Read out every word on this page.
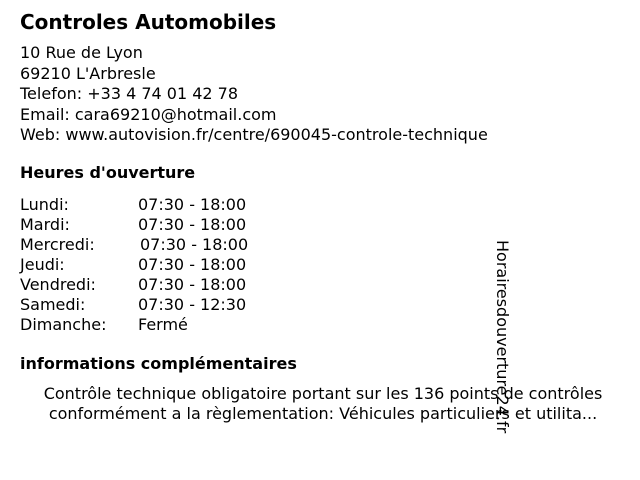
Controles Automobiles
10 Rue de Lyon
69210 L'Arbresle
Telefon: +33 4 74 01 42 78
Email: cara69210@hotmail.com
Web: www.autovision.fr/centre/690045-controle-technique
Heures d'ouverture
Lundi:	07:30 - 18:00
Mardi:	07:30 - 18:00
Mercredi:	07:30 - 18:00
Jeudi:	07:30 - 18:00
Vendredi:	07:30 - 18:00
Samedi:	07:30 - 12:30
Dimanche: Fermé
informations complémentaires
Contrôle technique obligatoire portant sur les 136 points de contrôles
conformément a la règlementation: Véhicules particuliers et utilita...
Horairesdouverture24.fr
